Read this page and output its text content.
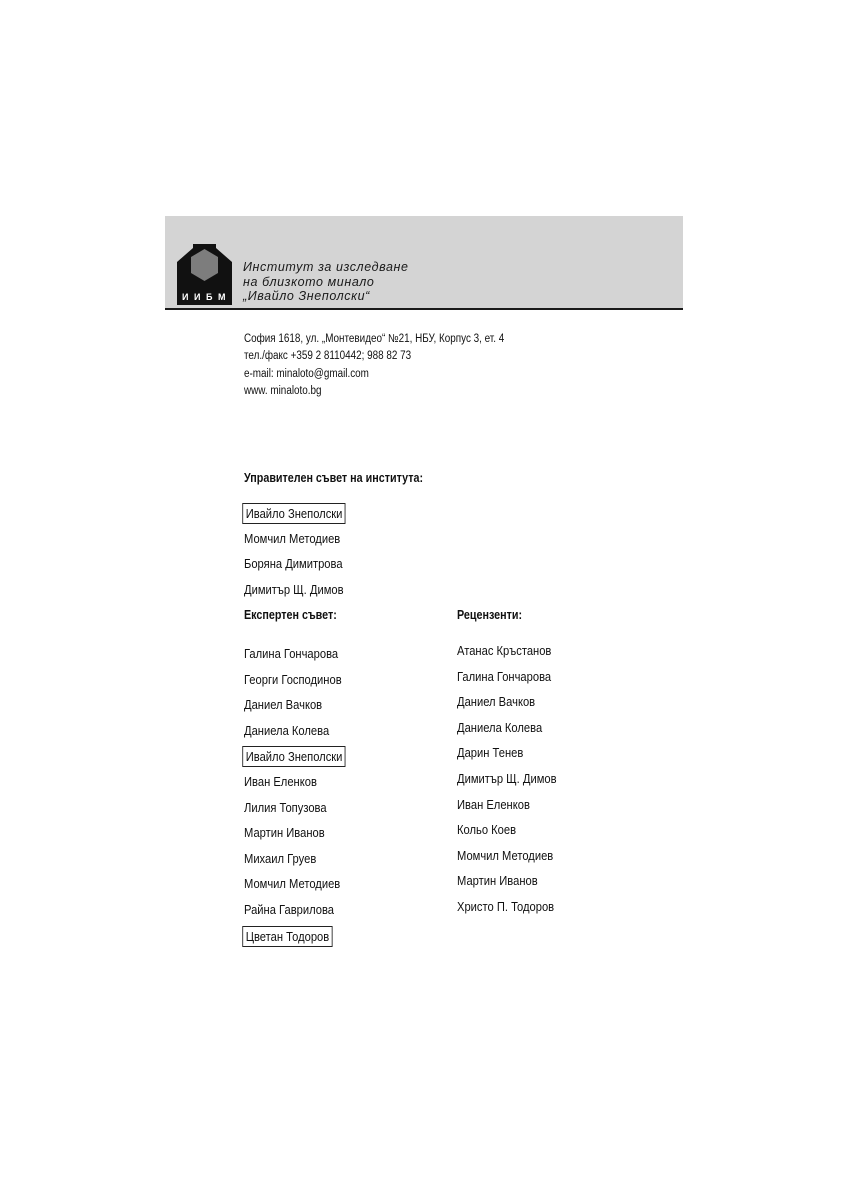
И И Б М
Институт за изследване
на близкото минало
„Ивайло Знеполски“
София 1618, ул. „Монтевидео“ №21, НБУ, Корпус 3, ет. 4
тел./факс +359 2 8110442; 988 82 73
e-mail: minaloto@gmail.com
www. minaloto.bg
Управителен съвет на института:
Ивайло Знеполски
Момчил Методиев
Боряна Димитрова
Димитър Щ. Димов
Експертен съвет:
Галина Гончарова
Георги Господинов
Даниел Вачков
Даниела Колева
Ивайло Знеполски
Иван Еленков
Лилия Топузова
Мартин Иванов
Михаил Груев
Момчил Методиев
Райна Гаврилова
Цветан Тодоров
Рецензенти:
Атанас Кръстанов
Галина Гончарова
Даниел Вачков
Даниела Колева
Дарин Тенев
Димитър Щ. Димов
Иван Еленков
Кольо Коев
Момчил Методиев
Мартин Иванов
Христо П. Тодоров
